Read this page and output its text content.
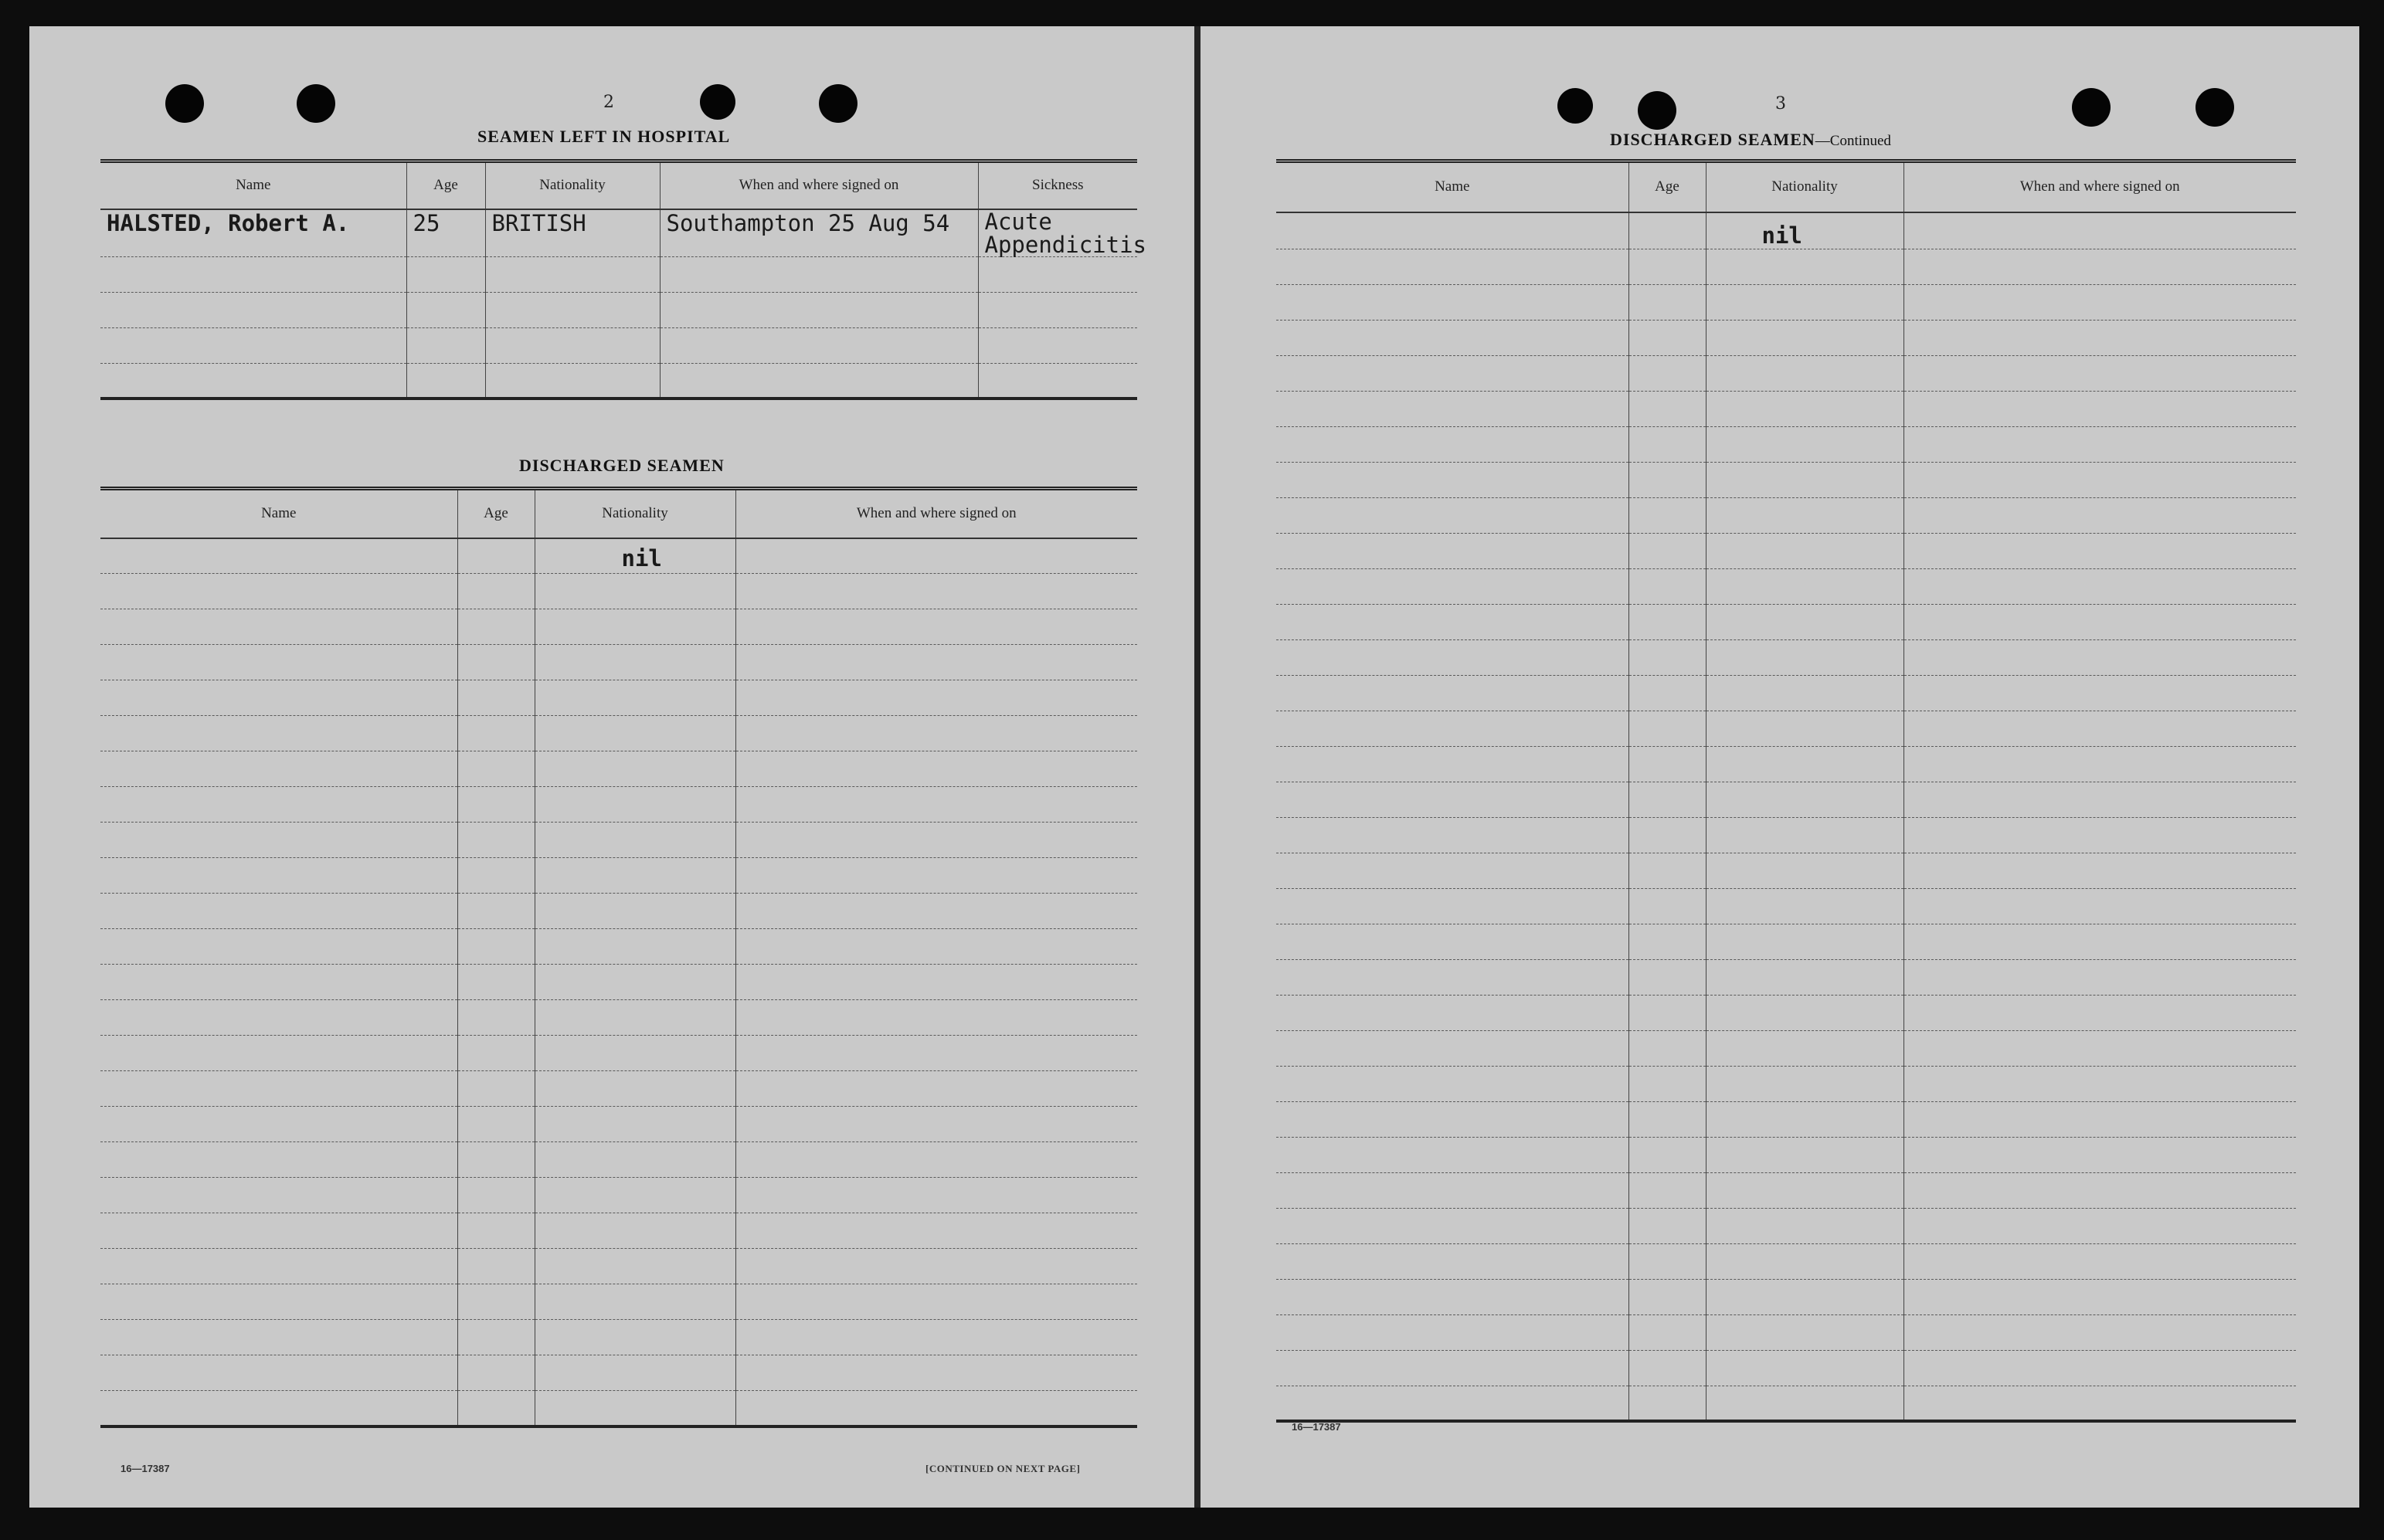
2
SEAMEN LEFT IN HOSPITAL
Name	Age	Nationality	When and where signed on	Sickness
HALSTED, Robert A.	25	BRITISH	Southampton 25 Aug 54	Acute
Appendicitis

DISCHARGED SEAMEN
Name	Age	Nationality	When and where signed on
		nil	

16—17387	[CONTINUED ON NEXT PAGE]
3
DISCHARGED SEAMEN—Continued
Name	Age	Nationality	When and where signed on
		nil	

16—17387
